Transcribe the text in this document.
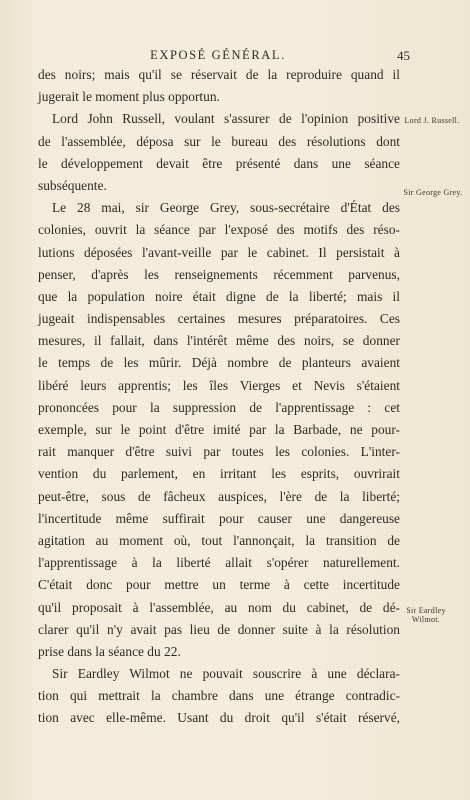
EXPOSÉ GÉNÉRAL.	45
Lord J. Russell.
Sir George Grey.
Sir Eardley Wilmot.
des noirs; mais qu'il se réservait de la reproduire quand il
jugerait le moment plus opportun.
Lord John Russell, voulant s'assurer de l'opinion positive
de l'assemblée, déposa sur le bureau des résolutions dont
le développement devait être présenté dans une séance
subséquente.
Le 28 mai, sir George Grey, sous-secrétaire d'État des
colonies, ouvrit la séance par l'exposé des motifs des réso-
lutions déposées l'avant-veille par le cabinet. Il persistait à
penser, d'après les renseignements récemment parvenus,
que la population noire était digne de la liberté; mais il
jugeait indispensables certaines mesures préparatoires. Ces
mesures, il fallait, dans l'intérêt même des noirs, se donner
le temps de les mûrir. Déjà nombre de planteurs avaient
libéré leurs apprentis; les îles Vierges et Nevis s'étaient
prononcées pour la suppression de l'apprentissage : cet
exemple, sur le point d'être imité par la Barbade, ne pour-
rait manquer d'être suivi par toutes les colonies. L'inter-
vention du parlement, en irritant les esprits, ouvrirait
peut-être, sous de fâcheux auspices, l'ère de la liberté;
l'incertitude même suffirait pour causer une dangereuse
agitation au moment où, tout l'annonçait, la transition de
l'apprentissage à la liberté allait s'opérer naturellement.
C'était donc pour mettre un terme à cette incertitude
qu'il proposait à l'assemblée, au nom du cabinet, de dé-
clarer qu'il n'y avait pas lieu de donner suite à la résolution
prise dans la séance du 22.
Sir Eardley Wilmot ne pouvait souscrire à une déclara-
tion qui mettrait la chambre dans une étrange contradic-
tion avec elle-même. Usant du droit qu'il s'était réservé,
